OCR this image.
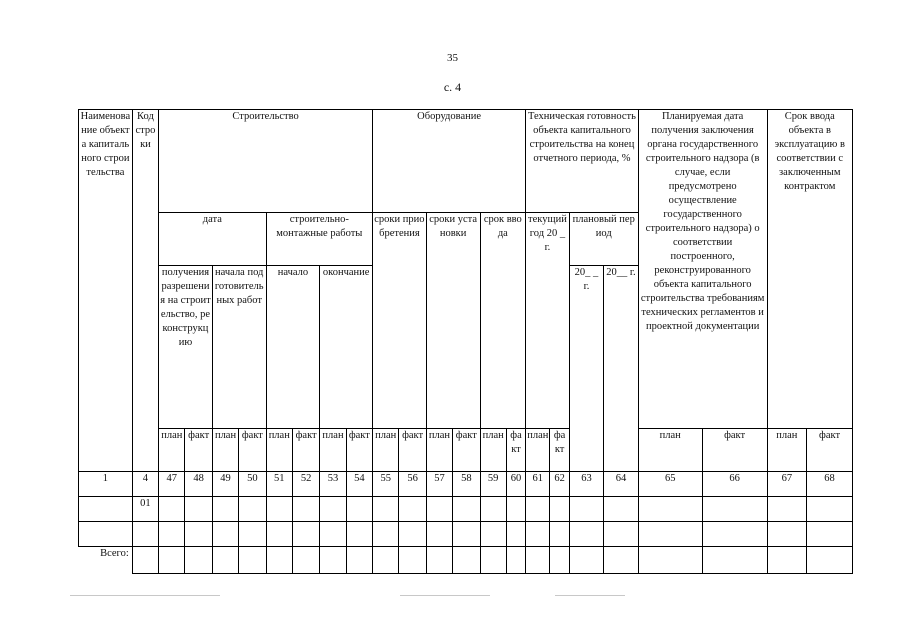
35
с. 4
Наименование объекта капитального строительства	Код строки	Строительство								Оборудование						Техническая готовность объекта капитального строительства на конец отчетного периода, %				Планируемая дата получения заключения органа государственного строительного надзора (в случае, если предусмотрено осуществление государственного строительного надзора) о соответствии построенного, реконструированного объекта капитального строительства требованиям технических регламентов и проектной документации		Срок ввода объекта в эксплуатацию в соответствии с заключенным контрактом	
		дата				строительно-монтажные работы				сроки приобретения		сроки установки		срок ввода		текущий год 20 _ г.		плановый период					
		получения разрешения на строительство, реконструкцию		начала подготовительных работ		начало		окончание										20_ _ г.	20__ г.				
		план	факт	план	факт	план	факт	план	факт	план	факт	план	факт	план	факт	план	факт			план	факт	план	факт
1	4	47	48	49	50	51	52	53	54	55	56	57	58	59	60	61	62	63	64	65	66	67	68
	01																						

Всего:																							
